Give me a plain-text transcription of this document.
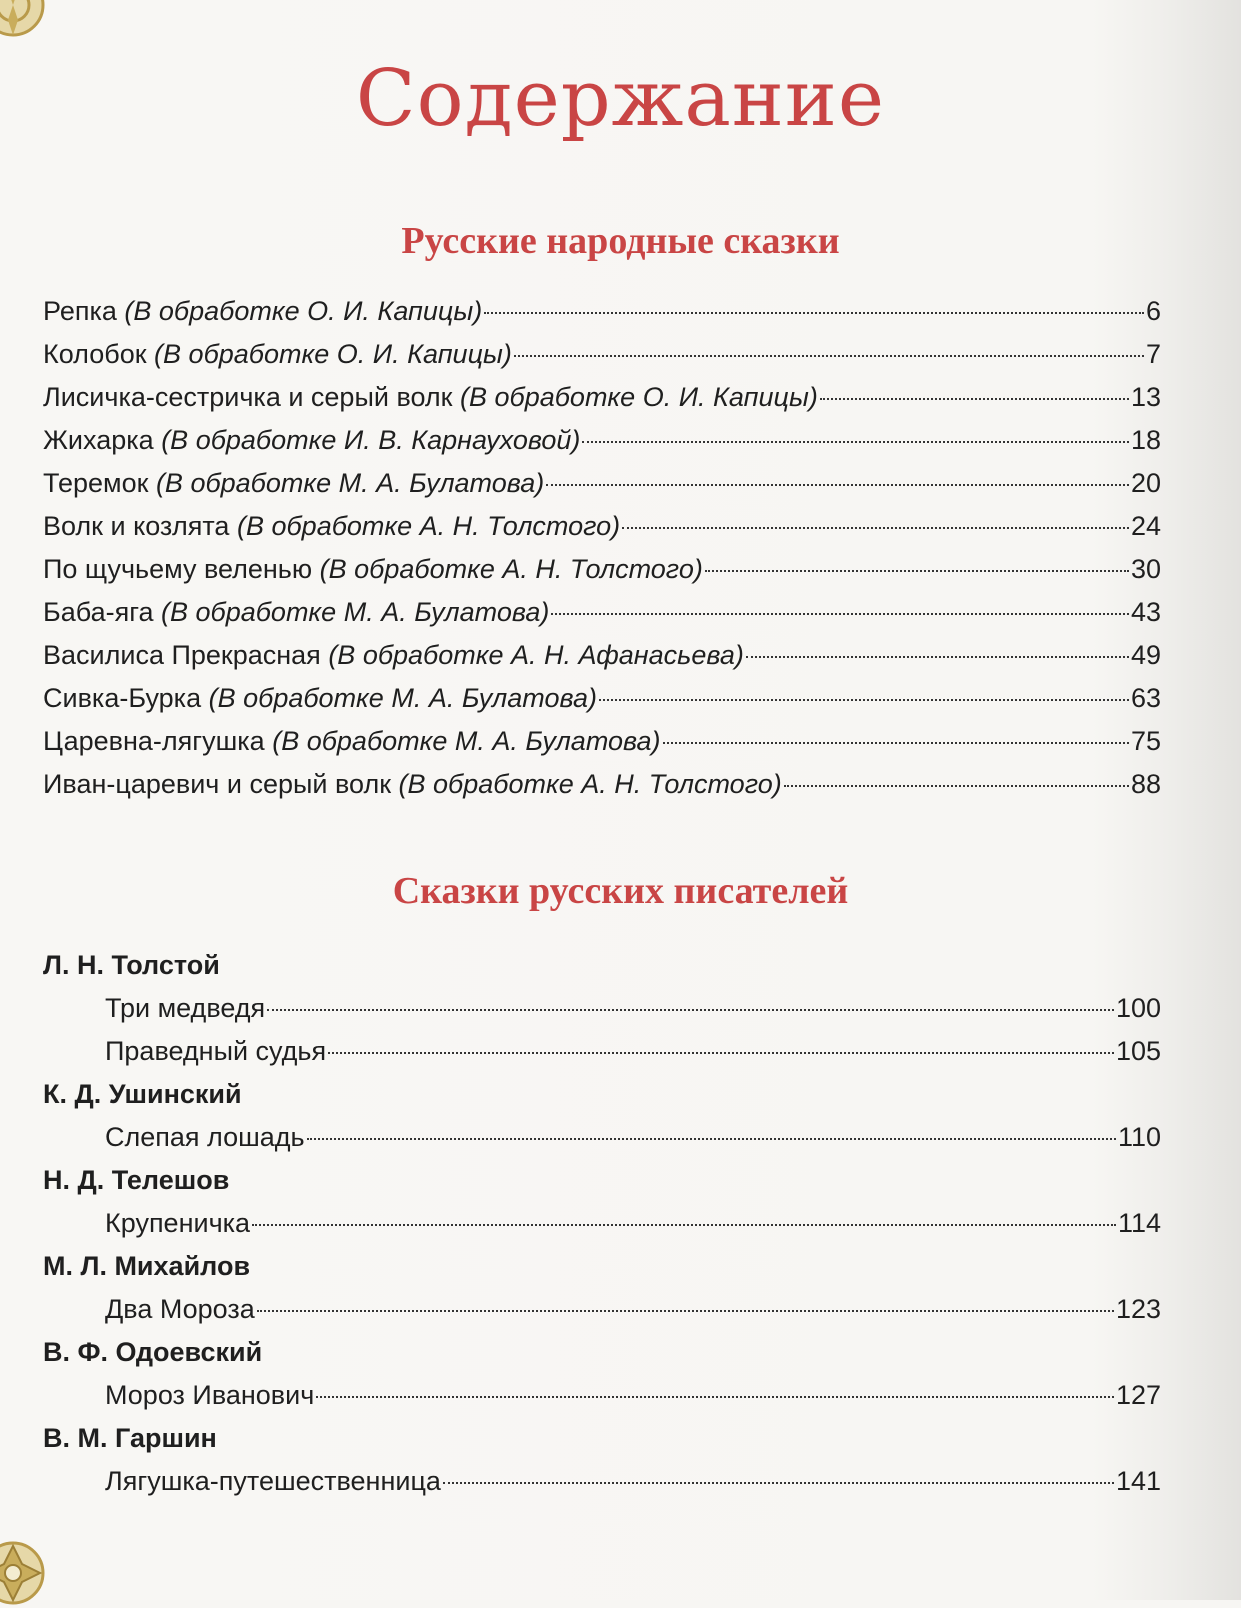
Содержание
Русские народные сказки
Репка (В обработке О. И. Капицы)	6
Колобок (В обработке О. И. Капицы)	7
Лисичка-сестричка и серый волк (В обработке О. И. Капицы)	13
Жихарка (В обработке И. В. Карнауховой)	18
Теремок (В обработке М. А. Булатова)	20
Волк и козлята (В обработке А. Н. Толстого)	24
По щучьему веленью (В обработке А. Н. Толстого)	30
Баба-яга (В обработке М. А. Булатова)	43
Василиса Прекрасная (В обработке А. Н. Афанасьева)	49
Сивка-Бурка (В обработке М. А. Булатова)	63
Царевна-лягушка (В обработке М. А. Булатова)	75
Иван-царевич и серый волк (В обработке А. Н. Толстого)	88
Сказки русских писателей
Л. Н. Толстой
Три медведя	100
Праведный судья	105
К. Д. Ушинский
Слепая лошадь	110
Н. Д. Телешов
Крупеничка	114
М. Л. Михайлов
Два Мороза	123
В. Ф. Одоевский
Мороз Иванович	127
В. М. Гаршин
Лягушка-путешественница	141
